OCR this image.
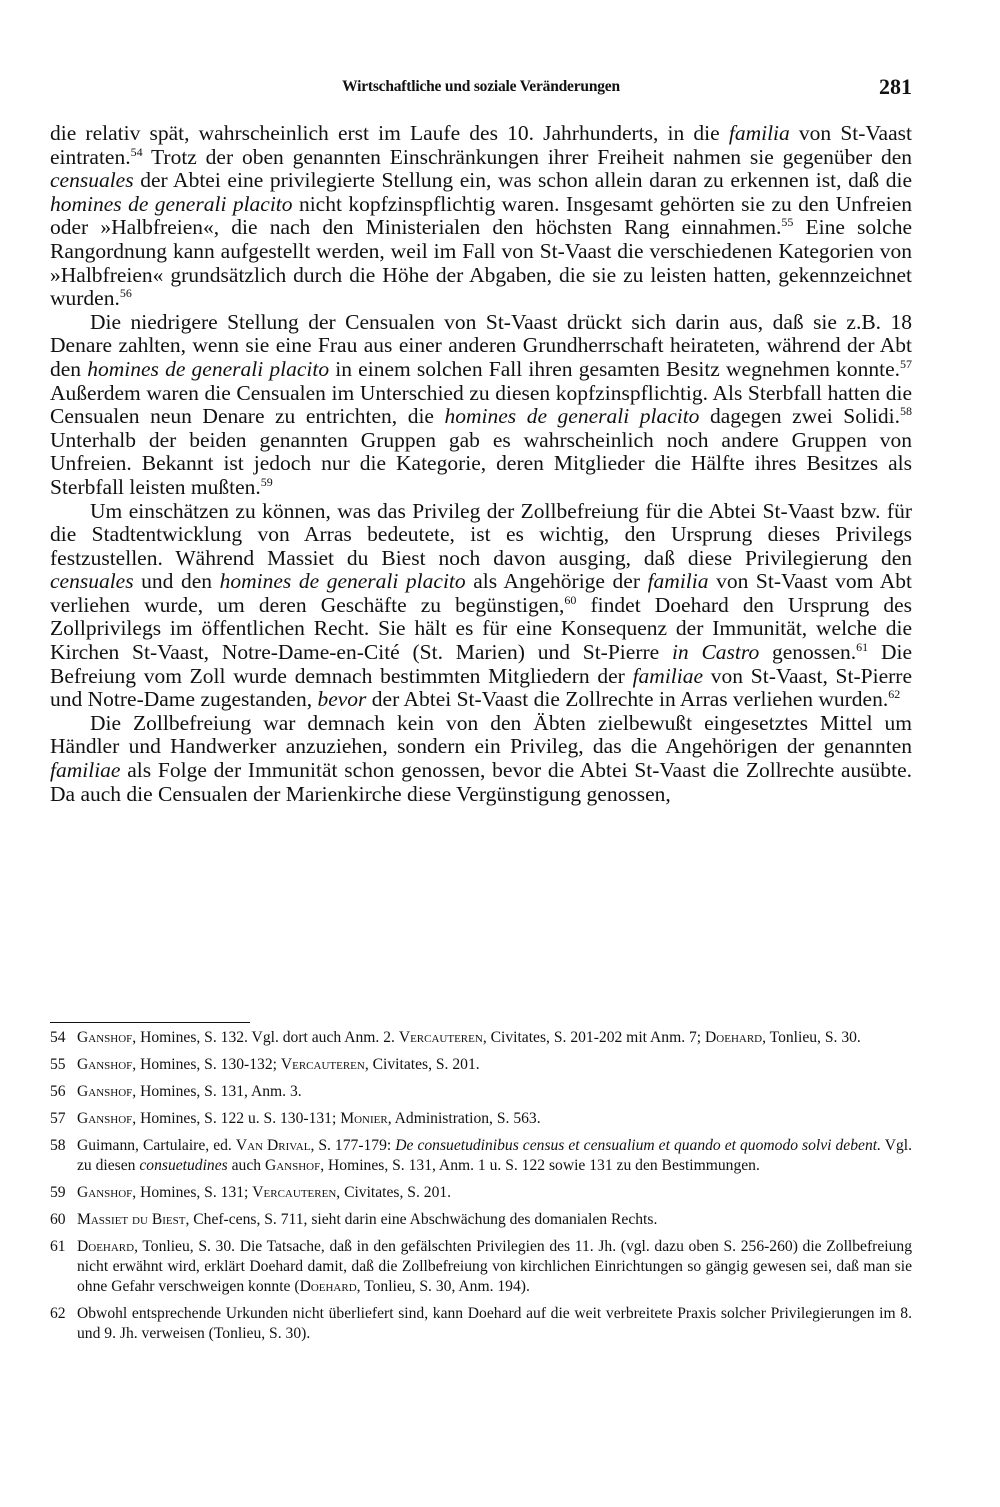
Wirtschaftliche und soziale Veränderungen	281

die relativ spät, wahrscheinlich erst im Laufe des 10. Jahrhunderts, in die familia von St-Vaast eintraten.$^{54}$ Trotz der oben genannten Einschränkungen ihrer Freiheit nahmen sie gegenüber den censuales der Abtei eine privilegierte Stellung ein, was schon allein daran zu erkennen ist, daß die homines de generali placito nicht kopfzinspflichtig waren. Insgesamt gehörten sie zu den Unfreien oder »Halbfreien«, die nach den Ministerialen den höchsten Rang einnahmen.$^{55}$ Eine solche Rangordnung kann aufgestellt werden, weil im Fall von St-Vaast die verschiedenen Kategorien von »Halbfreien« grundsätzlich durch die Höhe der Abgaben, die sie zu leisten hatten, gekennzeichnet wurden.$^{56}$

Die niedrigere Stellung der Censualen von St-Vaast drückt sich darin aus, daß sie z.B. 18 Denare zahlten, wenn sie eine Frau aus einer anderen Grundherrschaft heirateten, während der Abt den homines de generali placito in einem solchen Fall ihren gesamten Besitz wegnehmen konnte.$^{57}$ Außerdem waren die Censualen im Unterschied zu diesen kopfzinspflichtig. Als Sterbfall hatten die Censualen neun Denare zu entrichten, die homines de generali placito dagegen zwei Solidi.$^{58}$ Unterhalb der beiden genannten Gruppen gab es wahrscheinlich noch andere Gruppen von Unfreien. Bekannt ist jedoch nur die Kategorie, deren Mitglieder die Hälfte ihres Besitzes als Sterbfall leisten mußten.$^{59}$

Um einschätzen zu können, was das Privileg der Zollbefreiung für die Abtei St-Vaast bzw. für die Stadtentwicklung von Arras bedeutete, ist es wichtig, den Ursprung dieses Privilegs festzustellen. Während Massiet du Biest noch davon ausging, daß diese Privilegierung den censuales und den homines de generali placito als Angehörige der familia von St-Vaast vom Abt verliehen wurde, um deren Geschäfte zu begünstigen,$^{60}$ findet Doehard den Ursprung des Zollprivilegs im öffentlichen Recht. Sie hält es für eine Konsequenz der Immunität, welche die Kirchen St-Vaast, Notre-Dame-en-Cité (St. Marien) und St-Pierre in Castro genossen.$^{61}$ Die Befreiung vom Zoll wurde demnach bestimmten Mitgliedern der familiae von St-Vaast, St-Pierre und Notre-Dame zugestanden, bevor der Abtei St-Vaast die Zollrechte in Arras verliehen wurden.$^{62}$

Die Zollbefreiung war demnach kein von den Äbten zielbewußt eingesetztes Mittel um Händler und Handwerker anzuziehen, sondern ein Privileg, das die Angehörigen der genannten familiae als Folge der Immunität schon genossen, bevor die Abtei St-Vaast die Zollrechte ausübte. Da auch die Censualen der Marienkirche diese Vergünstigung genossen,

54 Ganshof, Homines, S. 132. Vgl. dort auch Anm. 2. Vercauteren, Civitates, S. 201-202 mit Anm. 7; Doehard, Tonlieu, S. 30.
55 Ganshof, Homines, S. 130-132; Vercauteren, Civitates, S. 201.
56 Ganshof, Homines, S. 131, Anm. 3.
57 Ganshof, Homines, S. 122 u. S. 130-131; Monier, Administration, S. 563.
58 Guimann, Cartulaire, ed. Van Drival, S. 177-179: De consuetudinibus census et censualium et quando et quomodo solvi debent. Vgl. zu diesen consuetudines auch Ganshof, Homines, S. 131, Anm. 1 u. S. 122 sowie 131 zu den Bestimmungen.
59 Ganshof, Homines, S. 131; Vercauteren, Civitates, S. 201.
60 Massiet du Biest, Chef-cens, S. 711, sieht darin eine Abschwächung des domanialen Rechts.
61 Doehard, Tonlieu, S. 30. Die Tatsache, daß in den gefälschten Privilegien des 11. Jh. (vgl. dazu oben S. 256-260) die Zollbefreiung nicht erwähnt wird, erklärt Doehard damit, daß die Zollbefreiung von kirchlichen Einrichtungen so gängig gewesen sei, daß man sie ohne Gefahr verschweigen konnte (Doehard, Tonlieu, S. 30, Anm. 194).
62 Obwohl entsprechende Urkunden nicht überliefert sind, kann Doehard auf die weit verbreitete Praxis solcher Privilegierungen im 8. und 9. Jh. verweisen (Tonlieu, S. 30).
